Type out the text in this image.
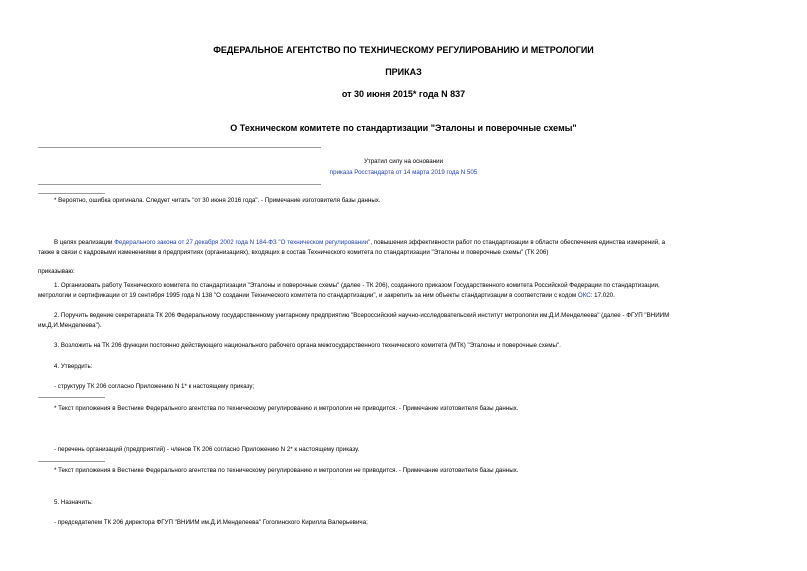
ФЕДЕРАЛЬНОЕ АГЕНТСТВО ПО ТЕХНИЧЕСКОМУ РЕГУЛИРОВАНИЮ И МЕТРОЛОГИИ
ПРИКАЗ
от 30 июня 2015* года N 837
О Техническом комитете по стандартизации "Эталоны и поверочные схемы"
Утратил силу на основании
приказа Росстандарта от 14 марта 2019 года N 505
* Вероятно, ошибка оригинала. Следует читать "от 30 июня 2016 года". - Примечание изготовителя базы данных.
В целях реализации Федерального закона от 27 декабря 2002 года N 184-ФЗ "О техническом регулировании", повышения эффективности работ по стандартизации в области обеспечения единства измерений, а
также в связи с кадровыми изменениями в предприятиях (организациях), входящих в состав Технического комитета по стандартизации "Эталоны и поверочные схемы" (ТК 206)
приказываю:
1. Организовать работу Технического комитета по стандартизации "Эталоны и поверочные схемы" (далее - ТК 206), созданного приказом Государственного комитета Российской Федерации по стандартизации,
метрологии и сертификации от 19 сентября 1995 года N 138 "О создании Технического комитета по стандартизации", и закрепить за ним объекты стандартизации в соответствии с кодом ОКС: 17.020.
2. Поручить ведение секретариата ТК 206 Федеральному государственному унитарному предприятию "Всероссийский научно-исследовательский институт метрологии им.Д.И.Менделеева" (далее - ФГУП "ВНИИМ
им.Д.И.Менделеева").
3. Возложить на ТК 206 функции постоянно действующего национального рабочего органа межгосударственного технического комитета (МТК) "Эталоны и поверочные схемы".
4. Утвердить:
- структуру ТК 206 согласно Приложению N 1* к настоящему приказу;
* Текст приложения в Вестнике Федерального агентства по техническому регулированию и метрологии не приводится. - Примечание изготовителя базы данных.
- перечень организаций (предприятий) - членов ТК 206 согласно Приложению N 2* к настоящему приказу.
* Текст приложения в Вестнике Федерального агентства по техническому регулированию и метрологии не приводится. - Примечание изготовителя базы данных.
5. Назначить:
- председателем ТК 206 директора ФГУП "ВНИИМ им.Д.И.Менделеева" Гоголинского Кирилла Валерьевича;
